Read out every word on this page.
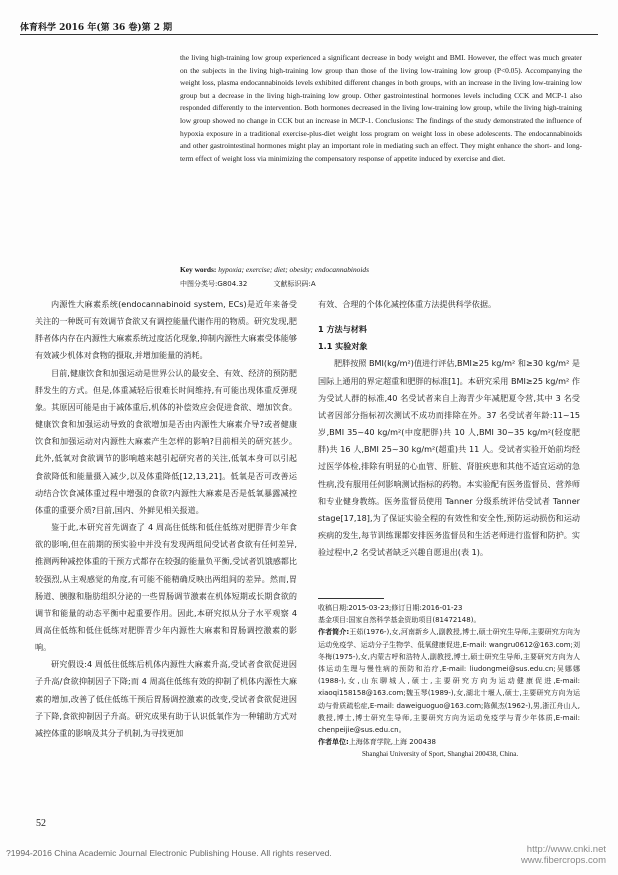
体育科学 2016 年(第 36 卷)第 2 期
the living high-training low group experienced a significant decrease in body weight and BMI. However, the effect was much greater on the subjects in the living high-training low group than those of the living low-training low group (P<0.05). Accompanying the weight loss, plasma endocannabinoids levels exhibited different changes in both groups, with an increase in the living low-training low group but a decrease in the living high-training low group. Other gastrointestinal hormones levels including CCK and MCP-1 also responded differently to the intervention. Both hormones decreased in the living low-training low group, while the living high-training low group showed no change in CCK but an increase in MCP-1. Conclusions: The findings of the study demonstrated the influence of hypoxia exposure in a traditional exercise-plus-diet weight loss program on weight loss in obese adolescents. The endocannabinoids and other gastrointestinal hormones might play an important role in mediating such an effect. They might enhance the short- and long-term effect of weight loss via minimizing the compensatory response of appetite induced by exercise and diet.
Key words: hypoxia; exercise; diet; obesity; endocannabinoids
中图分类号:G804.32	文献标识码:A

内源性大麻素系统(endocannabinoid system, ECs)是近年来备受关注的一种既可有效调节食欲又有调控能量代谢作用的物质。研究发现,肥胖者体内存在内源性大麻素系统过度活化现象,抑制内源性大麻素受体能够有效减少机体对食物的摄取,并增加能量的消耗。

目前,健康饮食和加强运动是世界公认的最安全、有效、经济的预防肥胖发生的方式。但是,体重减轻后很难长时间维持,有可能出现体重反弹现象。其原因可能是由于减体重后,机体的补偿效应会促进食欲、增加饮食。健康饮食和加强运动导致的食欲增加是否由内源性大麻素介导?或者健康饮食和加强运动对内源性大麻素产生怎样的影响?目前相关的研究甚少。此外,低氧对食欲调节的影响越来越引起研究者的关注,低氧本身可以引起食欲降低和能量摄入减少,以及体重降低[12,13,21]。低氧是否可改善运动结合饮食减体重过程中增强的食欲?内源性大麻素是否是低氧暴露减控体重的重要介质?目前,国内、外鲜见相关报道。

鉴于此,本研究首先调查了 4 周高住低练和低住低练对肥胖青少年食欲的影响,但在前期的预实验中并没有发现两组间受试者食欲有任何差异,推测两种减控体重的干预方式都存在较强的能量负平衡,受试者饥饿感都比较强烈,从主观感觉的角度,有可能不能精确反映出两组间的差异。然而,胃肠道、胰腺和脂肪组织分泌的一些胃肠调节激素在机体短期或长期食欲的调节和能量的动态平衡中起重要作用。因此,本研究拟从分子水平观察 4 周高住低练和低住低练对肥胖青少年内源性大麻素和胃肠调控激素的影响。

研究假设:4 周低住低练后机体内源性大麻素升高,受试者食欲促进因子升高/食欲抑制因子下降;而 4 周高住低练有效的抑制了机体内源性大麻素的增加,改善了低住低练干预后胃肠调控激素的改变,受试者食欲促进因子下降,食欲抑制因子升高。研究成果有助于认识低氧作为一种辅助方式对减控体重的影响及其分子机制,为寻找更加

有效、合理的个体化减控体重方法提供科学依据。

1 方法与材料

1.1 实验对象

肥胖按照 BMI(kg/m²)值进行评估,BMI≥25 kg/m² 和≥30 kg/m² 是国际上通用的界定超重和肥胖的标准[1]。本研究采用 BMI≥25 kg/m² 作为受试人群的标准,40 名受试者来自上海青少年减肥夏令营,其中 3 名受试者因部分指标初次测试不成功而排除在外。37 名受试者年龄:11~15 岁,BMI 35~40 kg/m²(中度肥胖)共 10 人,BMI 30~35 kg/m²(轻度肥胖)共 16 人,BMI 25~30 kg/m²(超重)共 11 人。受试者实验开始前均经过医学体检,排除有明显的心血管、肝脏、肾脏疾患和其他不适宜运动的急性病,没有服用任何影响测试指标的药物。本实验配有医务监督员、营养师和专业健身教练。医务监督员使用 Tanner 分级系统评估受试者 Tanner stage[17,18],为了保证实验全程的有效性和安全性,预防运动损伤和运动疾病的发生,每节训练课都安排医务监督员和生活老师进行监督和防护。实验过程中,2 名受试者缺乏兴趣自愿退出(表 1)。

收稿日期:2015-03-23;修订日期:2016-01-23
基金项目:国家自然科学基金资助项目(81472148)。
作者简介:王茹(1976-),女,河南新乡人,副教授,博士,硕士研究生导师,主要研究方向为运动免疫学、运动分子生物学、低氧健康促进,E-mail: wangru0612@163.com;刘冬梅(1975-),女,内蒙古呼和浩特人,副教授,博士,硕士研究生导师,主要研究方向为人体运动生理与慢性病的预防和治疗,E-mail: liudongmei@sus.edu.cn;吴娜娜(1988-),女,山东聊城人,硕士,主要研究方向为运动健康促进,E-mail: xiaoqi158158@163.com;魏玉琴(1989-),女,湖北十堰人,硕士,主要研究方向为运动与骨质疏松症,E-mail: daweiguoguo@163.com;陈佩杰(1962-),男,浙江舟山人,教授,博士,博士研究生导师,主要研究方向为运动免疫学与青少年体质,E-mail: chenpeijie@sus.edu.cn。
作者单位:上海体育学院,上海 200438
Shanghai University of Sport, Shanghai 200438, China.
52
?1994-2016 China Academic Journal Electronic Publishing House. All rights reserved.	http://www.cnki.net
www.fibercrops.com
